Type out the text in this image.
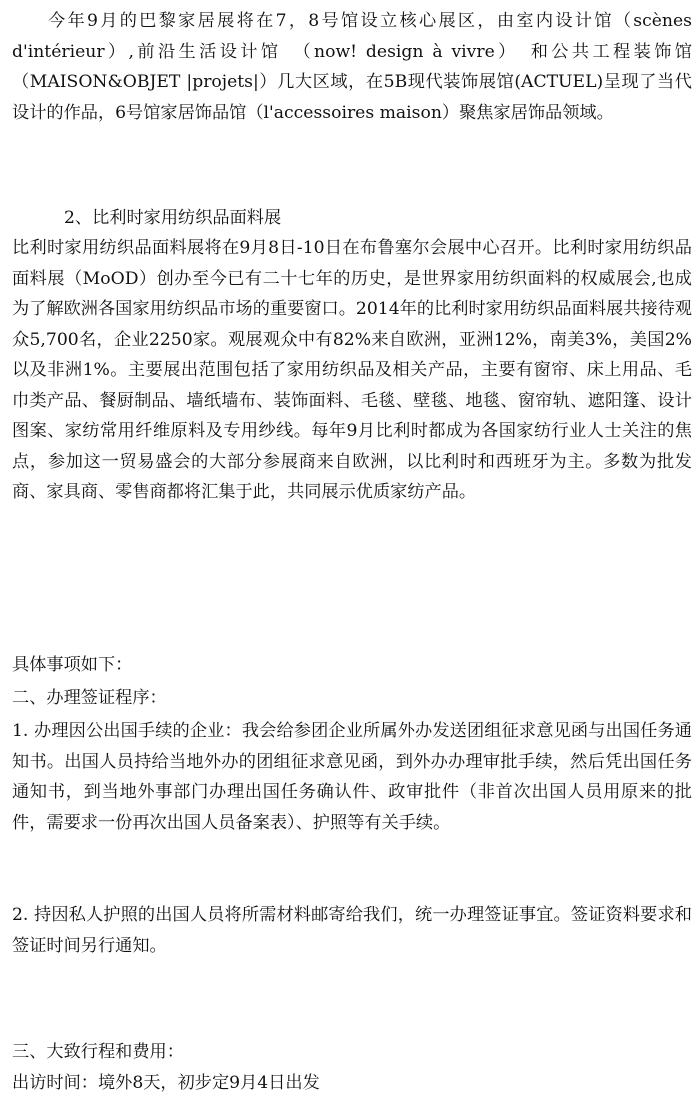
今年9月的巴黎家居展将在7，8号馆设立核心展区，由室内设计馆（scènes d'intérieur）,前沿生活设计馆　（now! design à vivre）　和公共工程装饰馆（MAISON&OBJET |projets|）几大区域，在5B现代装饰展馆(ACTUEL)呈现了当代设计的作品，6号馆家居饰品馆（l'accessoires maison）聚焦家居饰品领域。

2、比利时家用纺织品面料展

比利时家用纺织品面料展将在9月8日-10日在布鲁塞尔会展中心召开。比利时家用纺织品面料展（MoOD）创办至今已有二十七年的历史，是世界家用纺织面料的权威展会,也成为了解欧洲各国家用纺织品市场的重要窗口。2014年的比利时家用纺织品面料展共接待观众5,700名，企业2250家。观展观众中有82%来自欧洲，亚洲12%，南美3%，美国2%以及非洲1%。主要展出范围包括了家用纺织品及相关产品，主要有窗帘、床上用品、毛巾类产品、餐厨制品、墙纸墙布、装饰面料、毛毯、壁毯、地毯、窗帘轨、遮阳篷、设计图案、家纺常用纤维原料及专用纱线。每年9月比利时都成为各国家纺行业人士关注的焦点，参加这一贸易盛会的大部分参展商来自欧洲，以比利时和西班牙为主。多数为批发商、家具商、零售商都将汇集于此，共同展示优质家纺产品。

具体事项如下：

二、办理签证程序：

1. 办理因公出国手续的企业：我会给参团企业所属外办发送团组征求意见函与出国任务通知书。出国人员持给当地外办的团组征求意见函，到外办办理审批手续，然后凭出国任务通知书，到当地外事部门办理出国任务确认件、政审批件（非首次出国人员用原来的批件，需要求一份再次出国人员备案表）、护照等有关手续。

2. 持因私人护照的出国人员将所需材料邮寄给我们，统一办理签证事宜。签证资料要求和签证时间另行通知。

三、大致行程和费用：

出访时间：境外8天，初步定9月4日出发
